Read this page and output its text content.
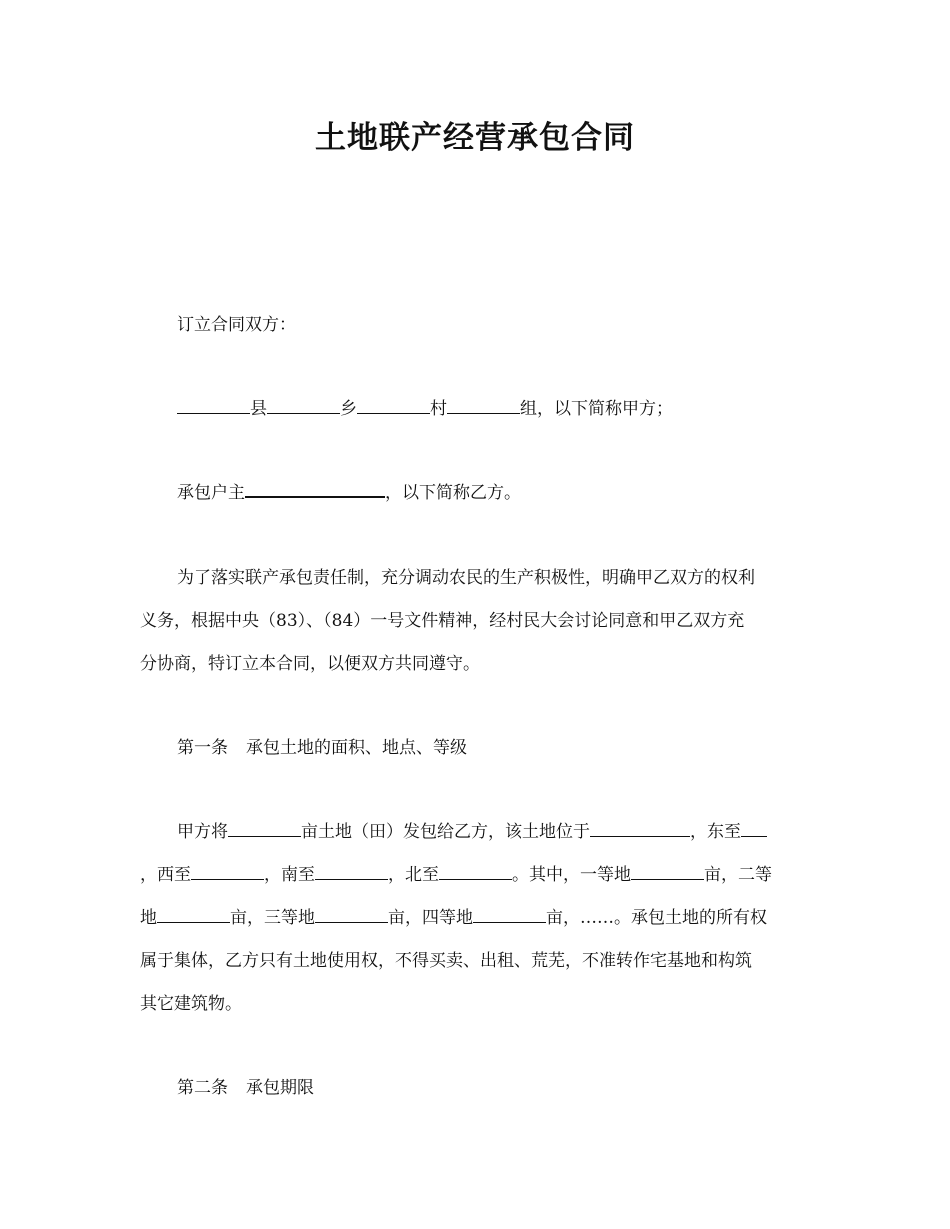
土地联产经营承包合同
订立合同双方：
县	乡	村	组，以下简称甲方；
承包户主	，以下简称乙方。
为了落实联产承包责任制，充分调动农民的生产积极性，明确甲乙双方的权利
义务，根据中央（83）、（84）一号文件精神，经村民大会讨论同意和甲乙双方充
分协商，特订立本合同，以便双方共同遵守。
第一条 承包土地的面积、地点、等级
甲方将	亩土地（田）发包给乙方，该土地位于	，东至
，西至	，南至	，北至	。其中，一等地	亩，二等
地	亩，三等地	亩，四等地	亩，……。承包土地的所有权
属于集体，乙方只有土地使用权，不得买卖、出租、荒芜，不准转作宅基地和构筑
其它建筑物。
第二条 承包期限
